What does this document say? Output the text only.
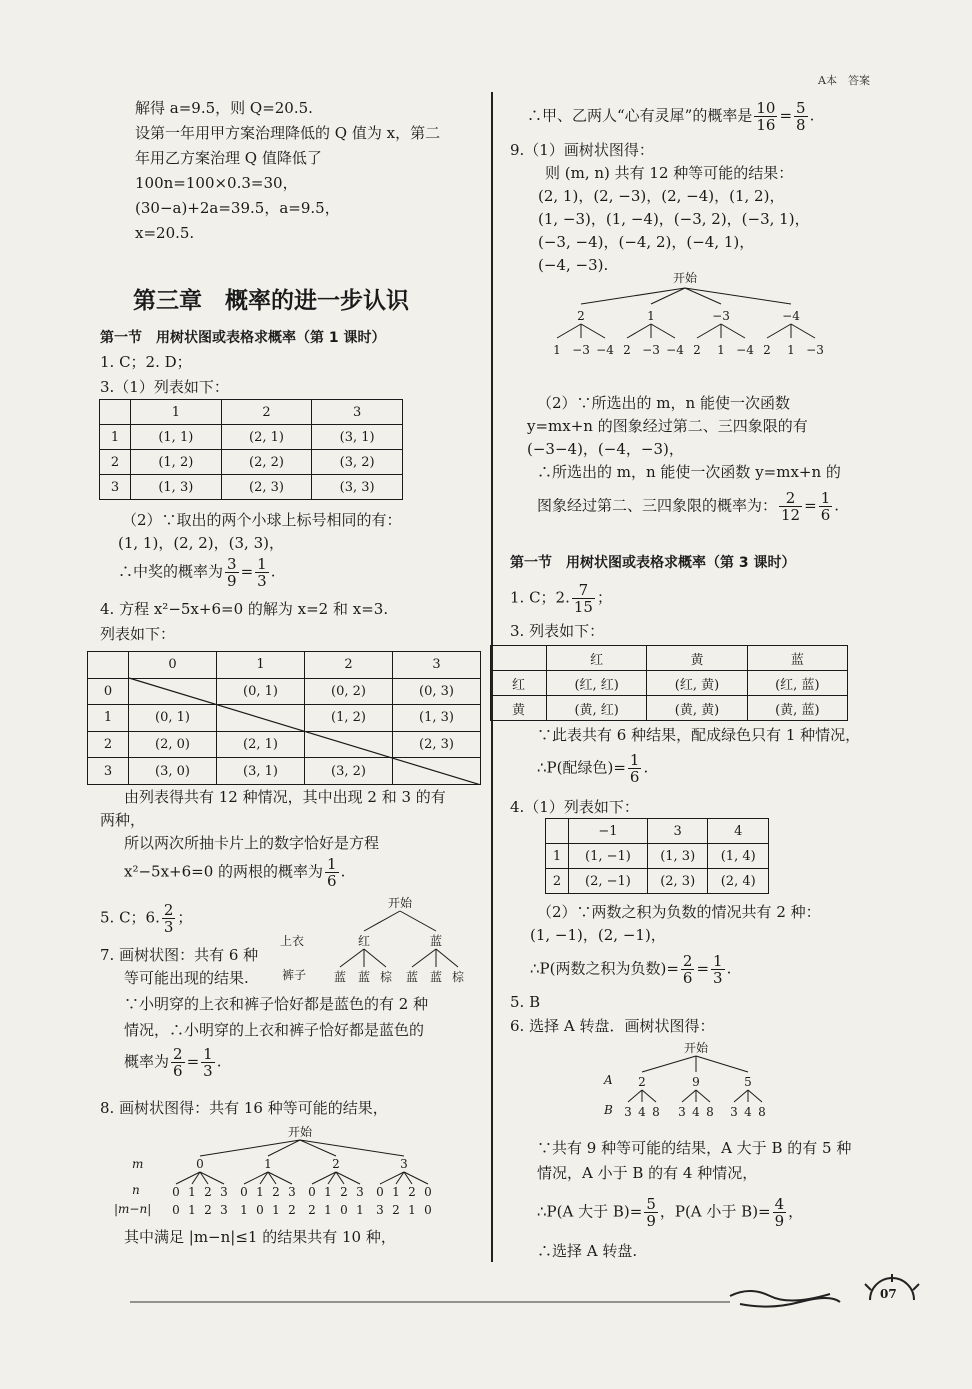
A本　答案
解得 a=9.5，则 Q=20.5.
设第一年用甲方案治理降低的 Q 值为 x，第二
年用乙方案治理 Q 值降低了
100n=100×0.3=30，
(30−a)+2a=39.5，a=9.5，
x=20.5.
第三章　概率的进一步认识
第一节　用树状图或表格求概率（第 1 课时）
1. C；2. D；
3.（1）列表如下：
	1	2	3
1	(1, 1)	(2, 1)	(3, 1)
2	(1, 2)	(2, 2)	(3, 2)
3	(1, 3)	(2, 3)	(3, 3)
（2）∵取出的两个小球上标号相同的有：
(1, 1)，(2, 2)，(3, 3)，
∴中奖的概率为 $\frac{3}{9} = \frac{1}{3}$ .
4. 方程 x²−5x+6=0 的解为 x=2 和 x=3.
列表如下：
	0	1	2	3
0		(0, 1)	(0, 2)	(0, 3)
1	(0, 1)		(1, 2)	(1, 3)
2	(2, 0)	(2, 1)		(2, 3)
3	(3, 0)	(3, 1)	(3, 2)	
由列表得共有 12 种情况，其中出现 2 和 3 的有
两种，
所以两次所抽卡片上的数字恰好是方程
x²−5x+6=0 的两根的概率为 $\frac{1}{6}$ .
5. C；6. $\frac{2}{3}$ ；
7. 画树状图：共有 6 种
等可能出现的结果.
∵小明穿的上衣和裤子恰好都是蓝色的有 2 种
情况，∴小明穿的上衣和裤子恰好都是蓝色的
概率为 $\frac{2}{6} = \frac{1}{3}$ .
开始
上衣
裤子
红	蓝
蓝 蓝 棕 蓝 蓝 棕
8. 画树状图得：共有 16 种等可能的结果，
开始
m
n
|m−n|
0
0
0
1
1
2
2
3
3
1
0
1
1
0
2
1
3
2
2
0
2
1
1
2
0
3
1
3
0
3
1
2
2
1
0
0
其中满足 |m−n|≤1 的结果共有 10 种，
∴甲、乙两人“心有灵犀”的概率是 $\frac{10}{16} = \frac{5}{8}$ .
9.（1）画树状图得：
则 (m, n) 共有 12 种等可能的结果：
(2, 1)，(2, −3)，(2, −4)，(1, 2)，
(1, −3)，(1, −4)，(−3, 2)，(−3, 1)，
(−3, −4)，(−4, 2)，(−4, 1)，
(−4, −3).
开始
2
1 −3 −4
1
2 −3 −4
−3
2 1 −4
−4
2 1 −3
（2）∵所选出的 m，n 能使一次函数
y=mx+n 的图象经过第二、三四象限的有
(−3−4)，(−4，−3)，
∴所选出的 m，n 能使一次函数 y=mx+n 的
图象经过第二、三四象限的概率为： $\frac{2}{12} = \frac{1}{6}$ .
第一节　用树状图或表格求概率（第 3 课时）
1. C；2. $\frac{7}{15}$ ；
3. 列表如下：
	红	黄	蓝
红	(红, 红)	(红, 黄)	(红, 蓝)
黄	(黄, 红)	(黄, 黄)	(黄, 蓝)
∵此表共有 6 种结果，配成绿色只有 1 种情况，
∴P(配绿色)= $\frac{1}{6}$ .
4.（1）列表如下：
	−1	3	4
1	(1, −1)	(1, 3)	(1, 4)
2	(2, −1)	(2, 3)	(2, 4)
（2）∵两数之积为负数的情况共有 2 种：
(1, −1)，(2, −1)，
∴P(两数之积为负数)= $\frac{2}{6} = \frac{1}{3}$ .
5. B
6. 选择 A 转盘．画树状图得：
开始
A
B
2
3 4 8
9
3 4 8
5
3 4 8
∵共有 9 种等可能的结果，A 大于 B 的有 5 种
情况，A 小于 B 的有 4 种情况，
∴P(A 大于 $B)= \frac{5}{9}$ ，P(A 小于 $B)= \frac{4}{9}$ ，
∴选择 A 转盘.
07
